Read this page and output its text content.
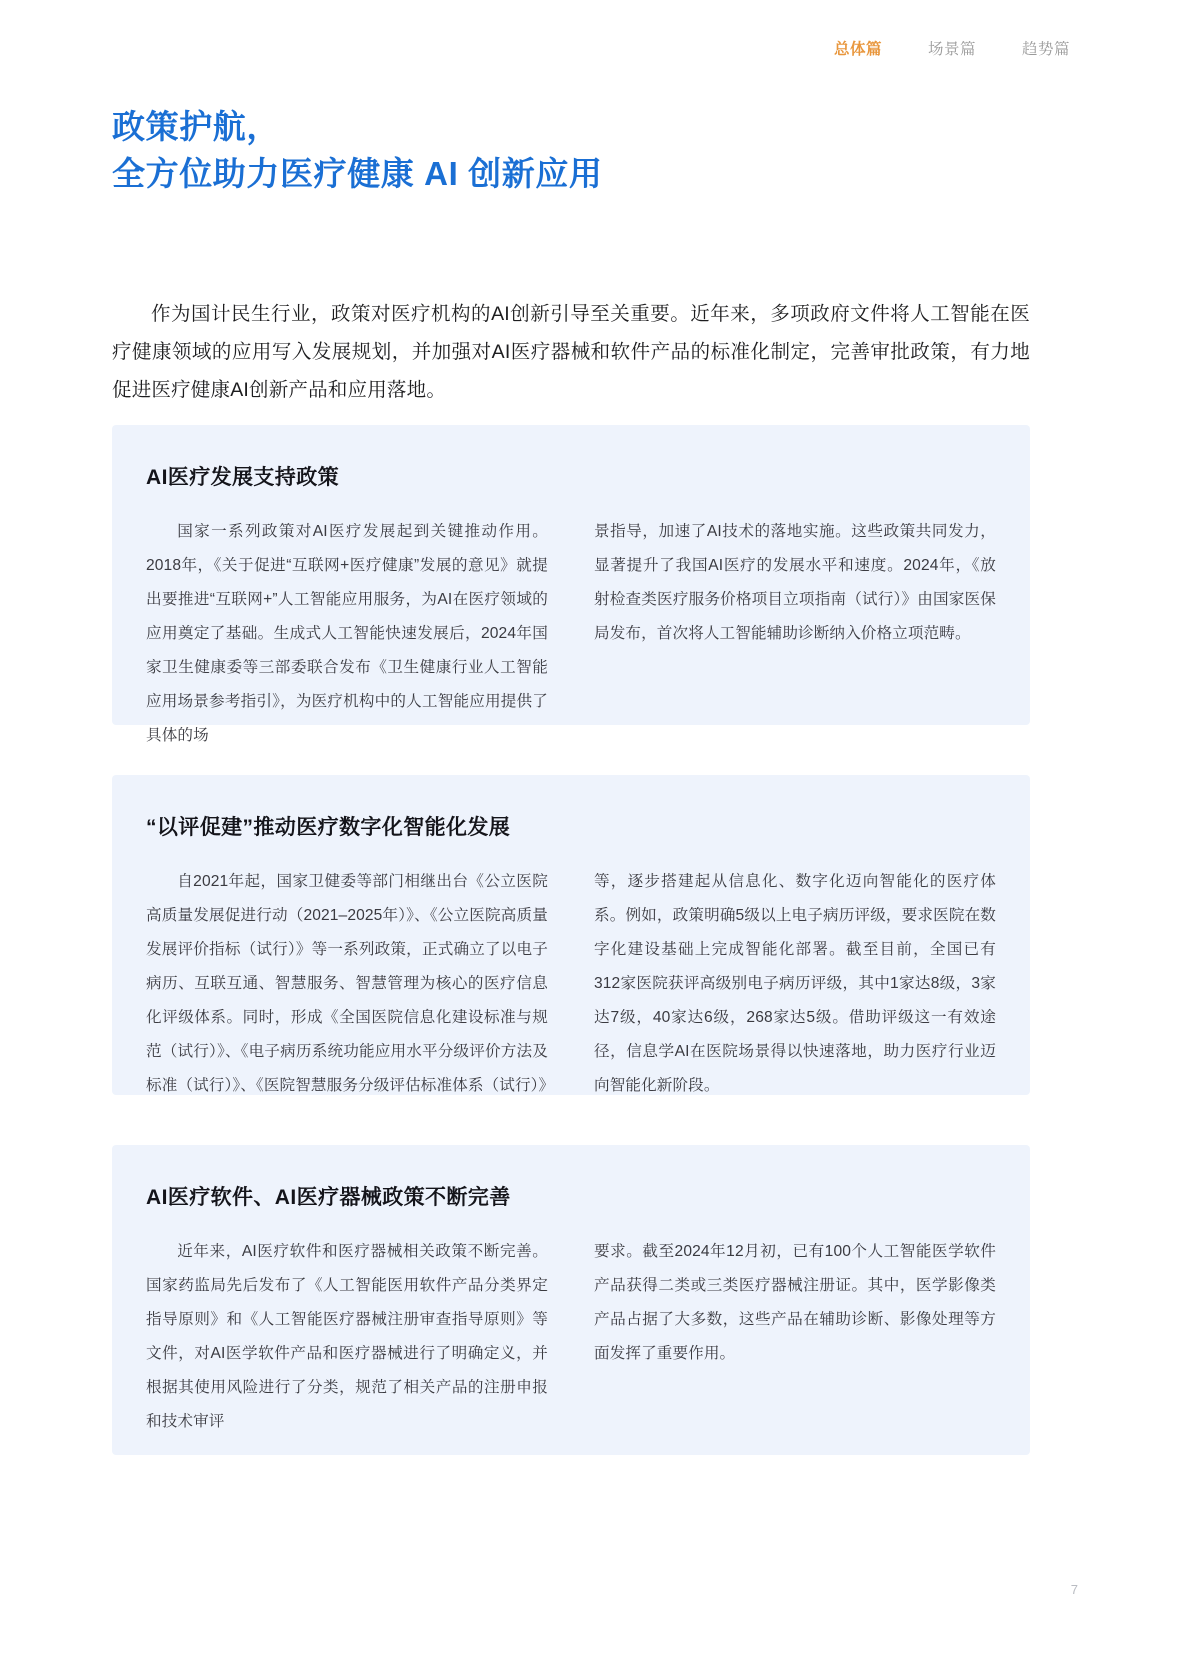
总体篇	场景篇	趋势篇
政策护航，
全方位助力医疗健康 AI 创新应用

作为国计民生行业，政策对医疗机构的AI创新引导至关重要。近年来，多项政府文件将人工智能在医疗健康领域的应用写入发展规划，并加强对AI医疗器械和软件产品的标准化制定，完善审批政策，有力地促进医疗健康AI创新产品和应用落地。

AI医疗发展支持政策
国家一系列政策对AI医疗发展起到关键推动作用。2018年，《关于促进“互联网+医疗健康”发展的意见》就提出要推进“互联网+”人工智能应用服务，为AI在医疗领域的应用奠定了基础。生成式人工智能快速发展后，2024年国家卫生健康委等三部委联合发布《卫生健康行业人工智能应用场景参考指引》，为医疗机构中的人工智能应用提供了具体的场
景指导，加速了AI技术的落地实施。这些政策共同发力，显著提升了我国AI医疗的发展水平和速度。2024年，《放射检查类医疗服务价格项目立项指南（试行）》由国家医保局发布，首次将人工智能辅助诊断纳入价格立项范畴。
“以评促建”推动医疗数字化智能化发展
自2021年起，国家卫健委等部门相继出台《公立医院高质量发展促进行动（2021–2025年）》、《公立医院高质量发展评价指标（试行）》等一系列政策，正式确立了以电子病历、互联互通、智慧服务、智慧管理为核心的医疗信息化评级体系。同时，形成《全国医院信息化建设标准与规范（试行）》、《电子病历系统功能应用水平分级评价方法及标准（试行）》、《医院智慧服务分级评估标准体系（试行）》
等，逐步搭建起从信息化、数字化迈向智能化的医疗体系。例如，政策明确5级以上电子病历评级，要求医院在数字化建设基础上完成智能化部署。截至目前，全国已有312家医院获评高级别电子病历评级，其中1家达8级，3家达7级，40家达6级，268家达5级。借助评级这一有效途径，信息学AI在医院场景得以快速落地，助力医疗行业迈向智能化新阶段。
AI医疗软件、AI医疗器械政策不断完善
近年来，AI医疗软件和医疗器械相关政策不断完善。国家药监局先后发布了《人工智能医用软件产品分类界定指导原则》和《人工智能医疗器械注册审查指导原则》等文件，对AI医学软件产品和医疗器械进行了明确定义，并根据其使用风险进行了分类，规范了相关产品的注册申报和技术审评
要求。截至2024年12月初，已有100个人工智能医学软件产品获得二类或三类医疗器械注册证。其中，医学影像类产品占据了大多数，这些产品在辅助诊断、影像处理等方面发挥了重要作用。
7
